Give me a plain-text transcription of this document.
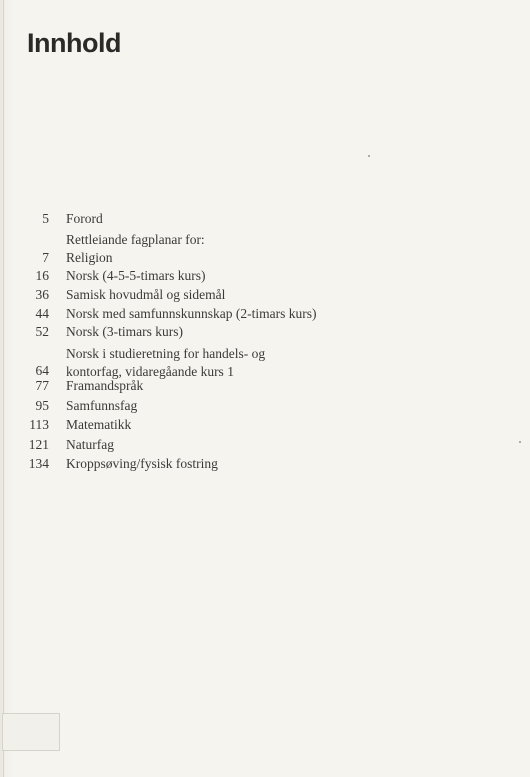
Innhold
5 Forord
Rettleiande fagplanar for:
7 Religion
16 Norsk (4-5-5-timars kurs)
36 Samisk hovudmål og sidemål
44 Norsk med samfunnskunnskap (2-timars kurs)
52 Norsk (3-timars kurs)
64
Norsk i studieretning for handels- og
kontorfag, vidaregåande kurs 1
77 Framandspråk
95 Samfunnsfag
113 Matematikk
121 Naturfag
134 Kroppsøving/fysisk fostring
